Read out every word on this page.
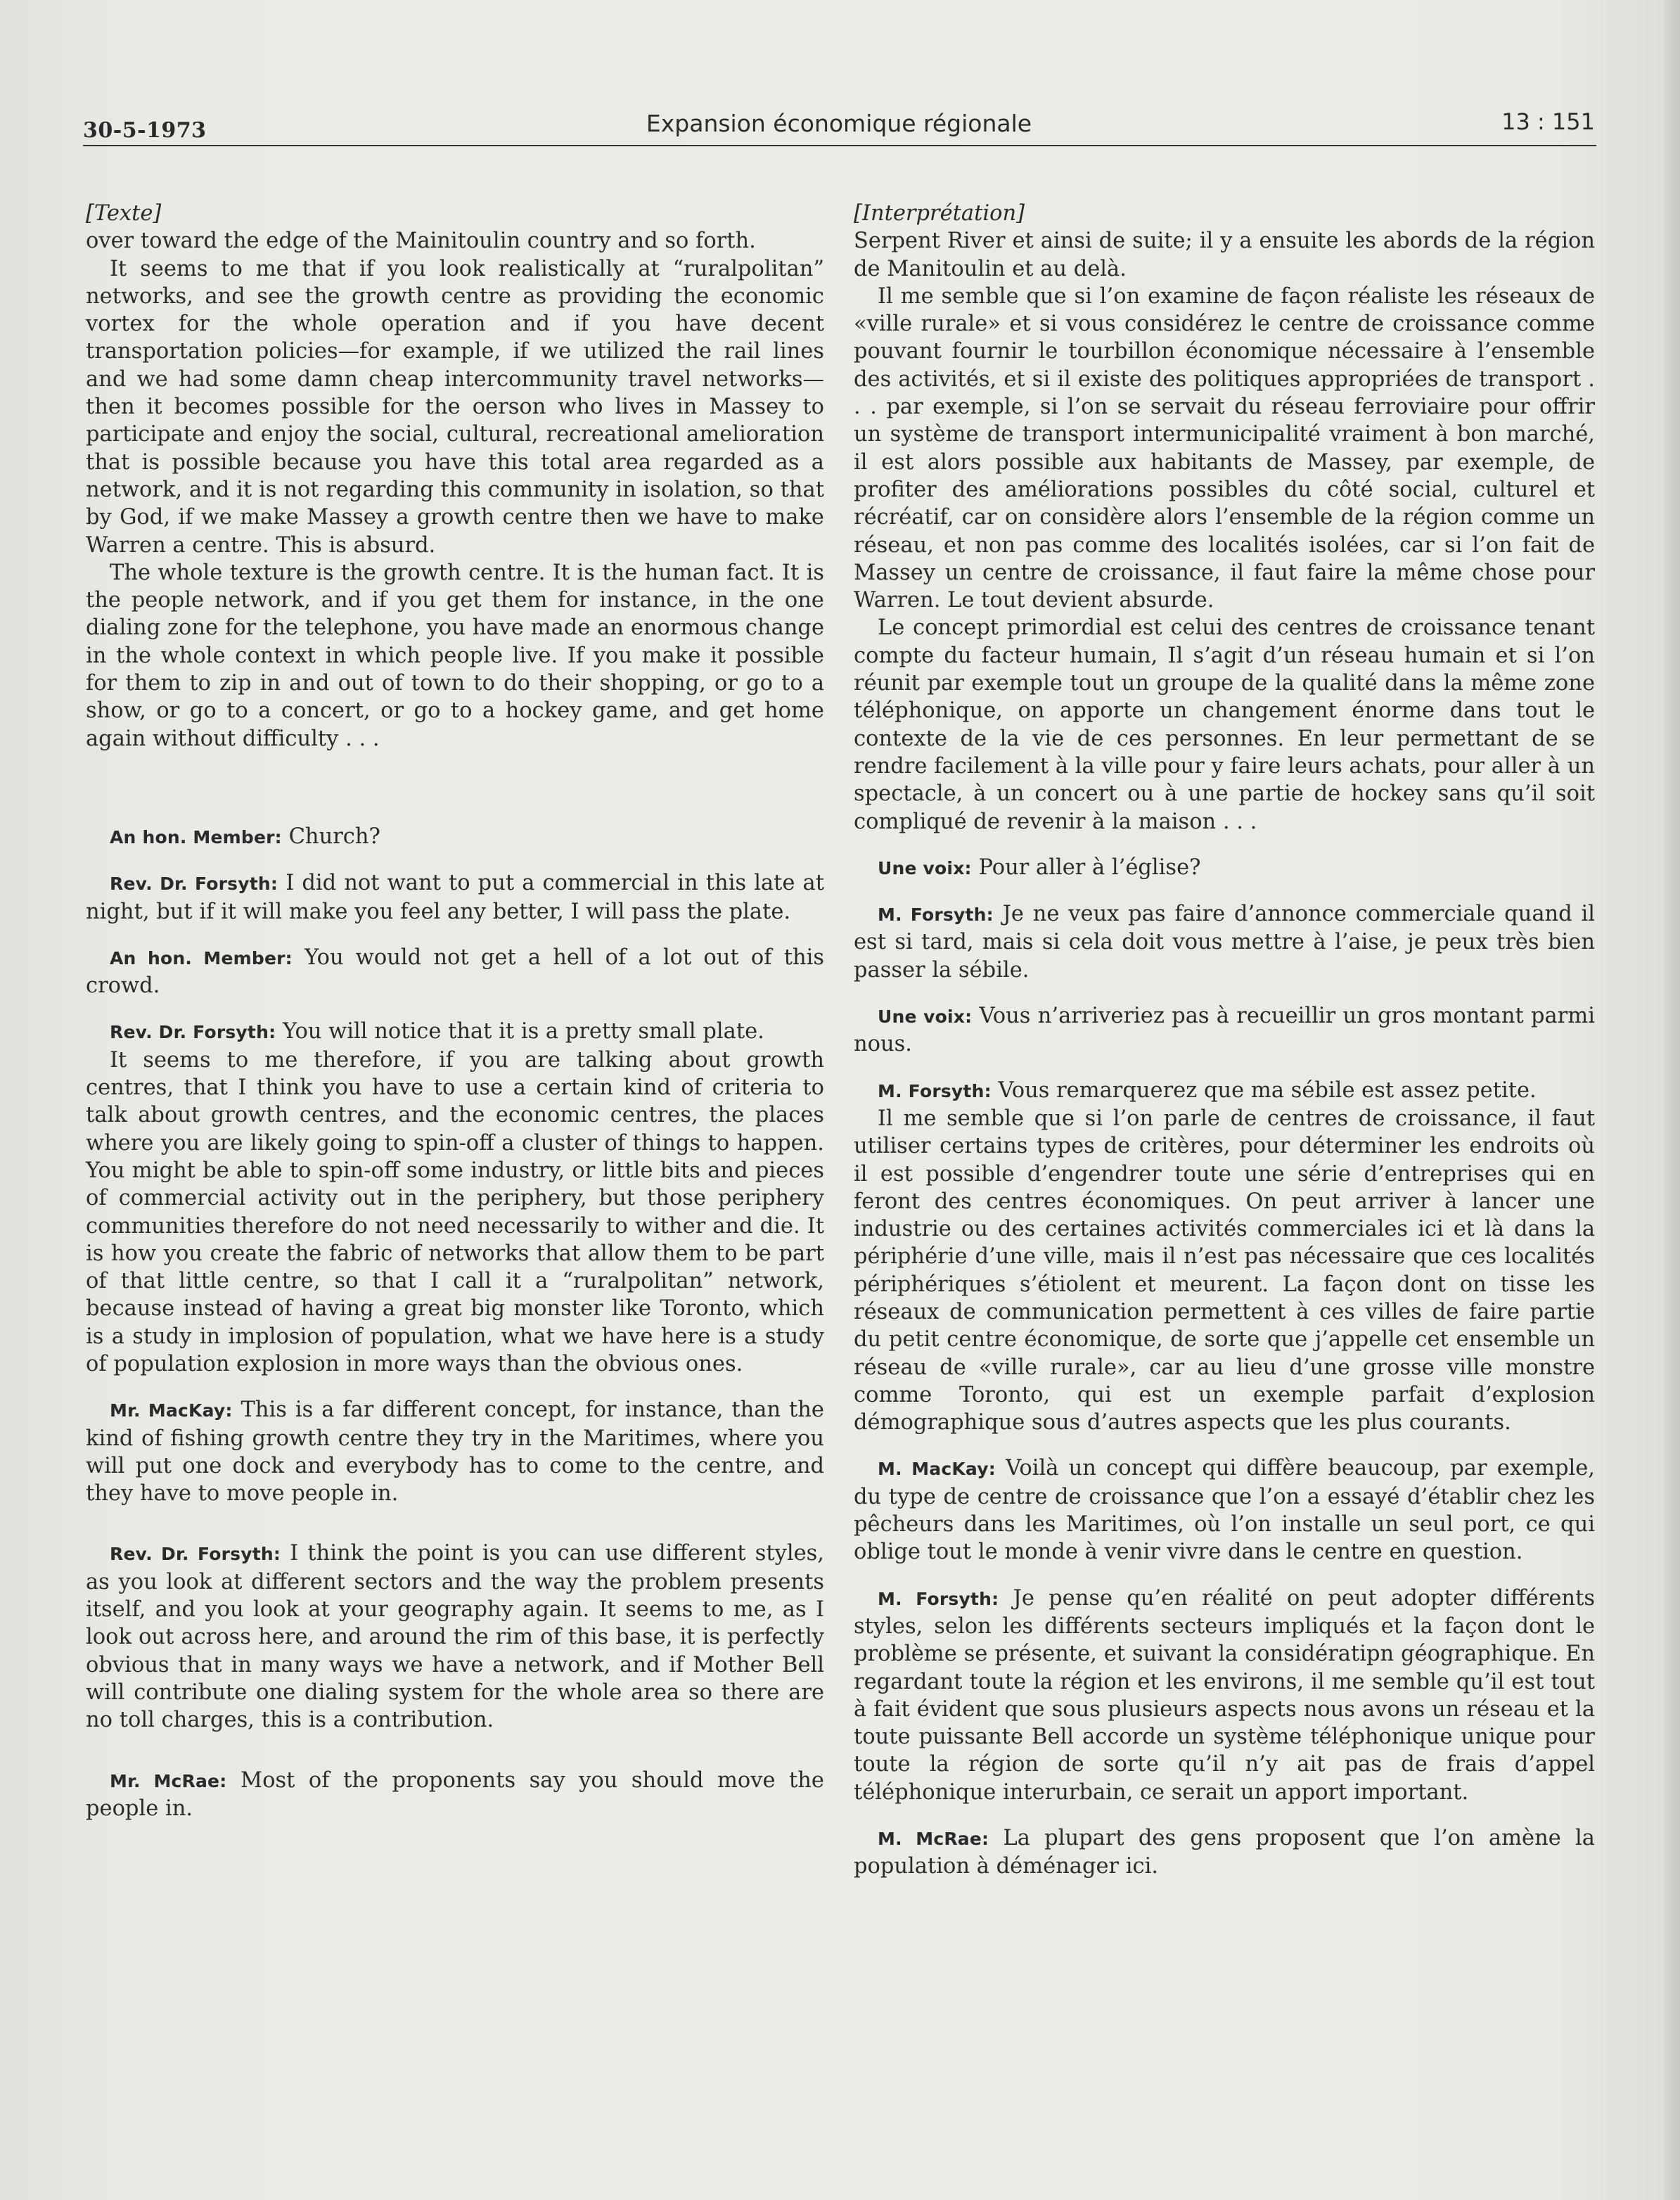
30-5-1973	Expansion économique régionale	13 : 151

[Texte]

over toward the edge of the Mainitoulin country and so forth.

It seems to me that if you look realistically at “ruralpolitan” networks, and see the growth centre as providing the economic vortex for the whole operation and if you have decent transportation policies—for example, if we utilized the rail lines and we had some damn cheap intercommunity travel networks—then it becomes possible for the oerson who lives in Massey to participate and enjoy the social, cultural, recreational amelioration that is possible because you have this total area regarded as a network, and it is not regarding this community in isolation, so that by God, if we make Massey a growth centre then we have to make Warren a centre. This is absurd.

The whole texture is the growth centre. It is the human fact. It is the people network, and if you get them for instance, in the one dialing zone for the telephone, you have made an enormous change in the whole context in which people live. If you make it possible for them to zip in and out of town to do their shopping, or go to a show, or go to a concert, or go to a hockey game, and get home again without difficulty . . .

An hon. Member: Church?

Rev. Dr. Forsyth: I did not want to put a commercial in this late at night, but if it will make you feel any better, I will pass the plate.

An hon. Member: You would not get a hell of a lot out of this crowd.

Rev. Dr. Forsyth: You will notice that it is a pretty small plate.

It seems to me therefore, if you are talking about growth centres, that I think you have to use a certain kind of criteria to talk about growth centres, and the economic centres, the places where you are likely going to spin-off a cluster of things to happen. You might be able to spin-off some industry, or little bits and pieces of commercial activity out in the periphery, but those periphery communities therefore do not need necessarily to wither and die. It is how you create the fabric of networks that allow them to be part of that little centre, so that I call it a “ruralpolitan” network, because instead of having a great big monster like Toronto, which is a study in implosion of population, what we have here is a study of population explosion in more ways than the obvious ones.

Mr. MacKay: This is a far different concept, for instance, than the kind of fishing growth centre they try in the Maritimes, where you will put one dock and everybody has to come to the centre, and they have to move people in.

Rev. Dr. Forsyth: I think the point is you can use different styles, as you look at different sectors and the way the problem presents itself, and you look at your geography again. It seems to me, as I look out across here, and around the rim of this base, it is perfectly obvious that in many ways we have a network, and if Mother Bell will contribute one dialing system for the whole area so there are no toll charges, this is a contribution.

Mr. McRae: Most of the proponents say you should move the people in.

[Interprétation]

Serpent River et ainsi de suite; il y a ensuite les abords de la région de Manitoulin et au delà.

Il me semble que si l’on examine de façon réaliste les réseaux de «ville rurale» et si vous considérez le centre de croissance comme pouvant fournir le tourbillon économique nécessaire à l’ensemble des activités, et si il existe des politiques appropriées de transport . . . par exemple, si l’on se servait du réseau ferroviaire pour offrir un système de transport intermunicipalité vraiment à bon marché, il est alors possible aux habitants de Massey, par exemple, de profiter des améliorations possibles du côté social, culturel et récréatif, car on considère alors l’ensemble de la région comme un réseau, et non pas comme des localités isolées, car si l’on fait de Massey un centre de croissance, il faut faire la même chose pour Warren. Le tout devient absurde.

Le concept primordial est celui des centres de croissance tenant compte du facteur humain, Il s’agit d’un réseau humain et si l’on réunit par exemple tout un groupe de la qualité dans la même zone téléphonique, on apporte un changement énorme dans tout le contexte de la vie de ces personnes. En leur permettant de se rendre facilement à la ville pour y faire leurs achats, pour aller à un spectacle, à un concert ou à une partie de hockey sans qu’il soit compliqué de revenir à la maison . . .

Une voix: Pour aller à l’église?

M. Forsyth: Je ne veux pas faire d’annonce commerciale quand il est si tard, mais si cela doit vous mettre à l’aise, je peux très bien passer la sébile.

Une voix: Vous n’arriveriez pas à recueillir un gros montant parmi nous.

M. Forsyth: Vous remarquerez que ma sébile est assez petite.

Il me semble que si l’on parle de centres de croissance, il faut utiliser certains types de critères, pour déterminer les endroits où il est possible d’engendrer toute une série d’entreprises qui en feront des centres économiques. On peut arriver à lancer une industrie ou des certaines activités commerciales ici et là dans la périphérie d’une ville, mais il n’est pas nécessaire que ces localités périphériques s’étiolent et meurent. La façon dont on tisse les réseaux de communication permettent à ces villes de faire partie du petit centre économique, de sorte que j’appelle cet ensemble un réseau de «ville rurale», car au lieu d’une grosse ville monstre comme Toronto, qui est un exemple parfait d’explosion démographique sous d’autres aspects que les plus courants.

M. MacKay: Voilà un concept qui diffère beaucoup, par exemple, du type de centre de croissance que l’on a essayé d’établir chez les pêcheurs dans les Maritimes, où l’on installe un seul port, ce qui oblige tout le monde à venir vivre dans le centre en question.

M. Forsyth: Je pense qu’en réalité on peut adopter différents styles, selon les différents secteurs impliqués et la façon dont le problème se présente, et suivant la considératipn géographique. En regardant toute la région et les environs, il me semble qu’il est tout à fait évident que sous plusieurs aspects nous avons un réseau et la toute puissante Bell accorde un système téléphonique unique pour toute la région de sorte qu’il n’y ait pas de frais d’appel téléphonique interurbain, ce serait un apport important.

M. McRae: La plupart des gens proposent que l’on amène la population à déménager ici.
